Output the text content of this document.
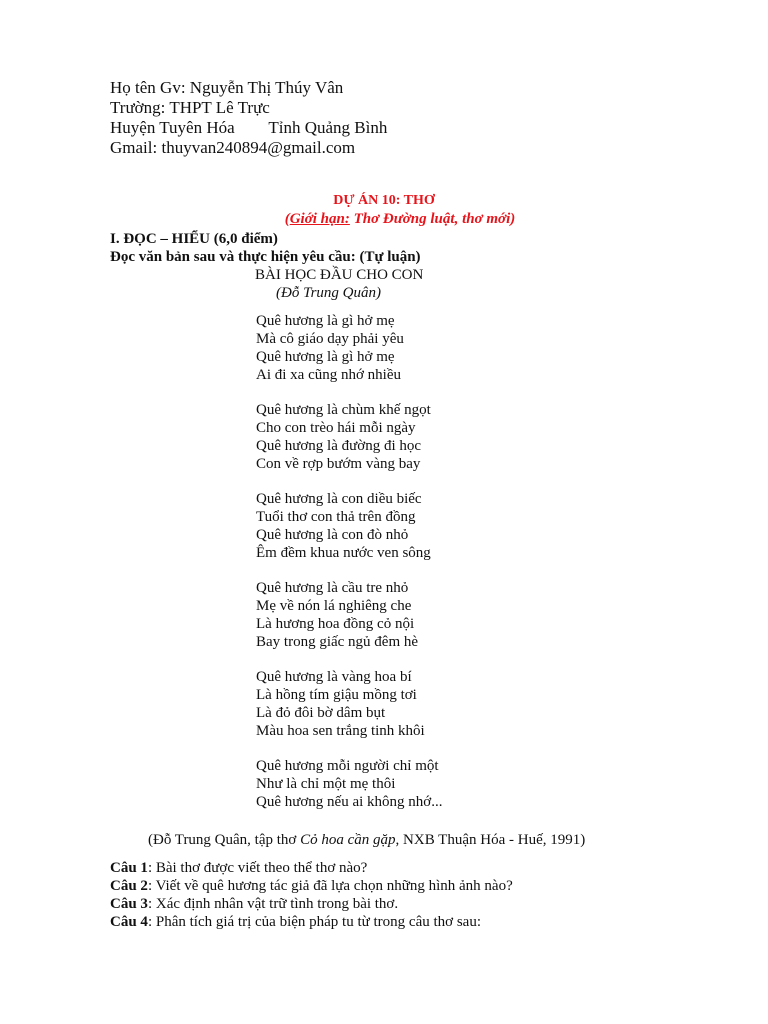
Họ tên Gv: Nguyễn Thị Thúy Vân
Trường: THPT Lê Trực
Huyện Tuyên Hóa        Tỉnh Quảng Bình
Gmail: thuyvan240894@gmail.com
DỰ ÁN 10: THƠ
(Giới hạn: Thơ Đường luật, thơ mới)
I. ĐỌC – HIỂU (6,0 điểm)
Đọc văn bản sau và thực hiện yêu cầu: (Tự luận)
BÀI HỌC ĐẦU CHO CON
(Đỗ Trung Quân)
Quê hương là gì hở mẹ
Mà cô giáo dạy phải yêu
Quê hương là gì hở mẹ
Ai đi xa cũng nhớ nhiều
Quê hương là chùm khế ngọt
Cho con trèo hái mỗi ngày
Quê hương là đường đi học
Con về rợp bướm vàng bay
Quê hương là con diều biếc
Tuổi thơ con thả trên đồng
Quê hương là con đò nhỏ
Êm đềm khua nước ven sông
Quê hương là cầu tre nhỏ
Mẹ về nón lá nghiêng che
Là hương hoa đồng cỏ nội
Bay trong giấc ngủ đêm hè
Quê hương là vàng hoa bí
Là hồng tím giậu mồng tơi
Là đỏ đôi bờ dâm bụt
Màu hoa sen trắng tinh khôi
Quê hương mỗi người chỉ một
Như là chỉ một mẹ thôi
Quê hương nếu ai không nhớ...
(Đỗ Trung Quân, tập thơ Cỏ hoa cần gặp, NXB Thuận Hóa - Huế, 1991)
Câu 1: Bài thơ được viết theo thể thơ nào?
Câu 2: Viết về quê hương tác giả đã lựa chọn những hình ảnh nào?
Câu 3: Xác định nhân vật trữ tình trong bài thơ.
Câu 4: Phân tích giá trị của biện pháp tu từ trong câu thơ sau:
